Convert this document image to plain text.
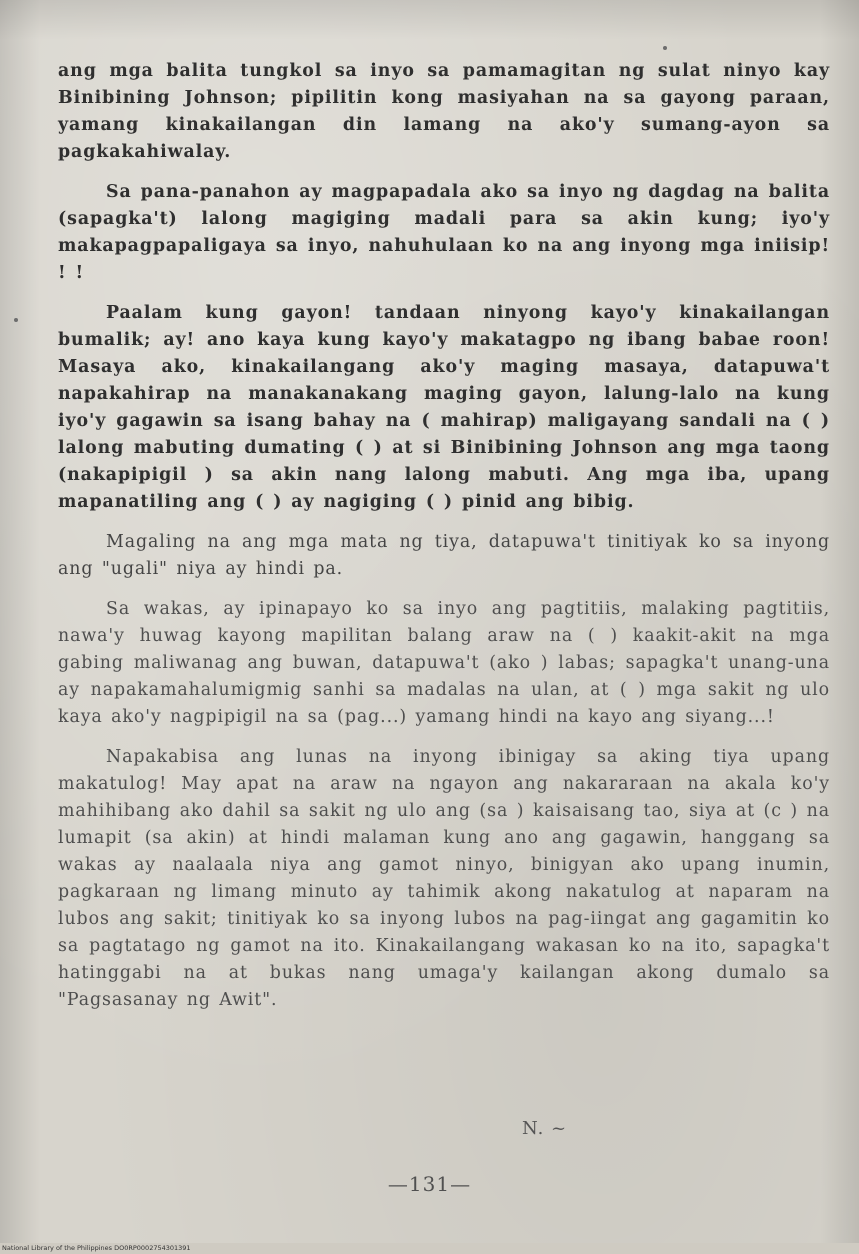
ang mga balita tungkol sa inyo sa pamamagitan ng sulat ninyo kay Binibining Johnson; pipilitin kong masiyahan na sa gayong paraan, yamang kinakailangan din lamang na ako'y sumang-ayon sa pagkakahiwalay.

Sa pana-panahon ay magpapadala ako sa inyo ng dagdag na balita (sapagka't) lalong magiging madali para sa akin kung; iyo'y makapagpapaligaya sa inyo, nahuhulaan ko na ang inyong mga iniisip! ! !

Paalam kung gayon! tandaan ninyong kayo'y kinakailangan bumalik; ay! ano kaya kung kayo'y makatagpo ng ibang babae roon! Masaya ako, kinakailangang ako'y maging masaya, datapuwa't napakahirap na manakanakang maging gayon, lalung-lalo na kung iyo'y gagawin sa isang bahay na ( mahirap) maligayang sandali na ( ) lalong mabuting dumating ( ) at si Binibining Johnson ang mga taong (nakapipigil ) sa akin nang lalong mabuti. Ang mga iba, upang mapanatiling ang ( ) ay nagiging ( ) pinid ang bibig.

Magaling na ang mga mata ng tiya, datapuwa't tinitiyak ko sa inyong ang "ugali" niya ay hindi pa.

Sa wakas, ay ipinapayo ko sa inyo ang pagtitiis, malaking pagtitiis, nawa'y huwag kayong mapilitan balang araw na ( ) kaakit-akit na mga gabing maliwanag ang buwan, datapuwa't (ako ) labas; sapagka't unang-una ay napakamahalumigmig sanhi sa madalas na ulan, at ( ) mga sakit ng ulo kaya ako'y nagpipigil na sa (pag...) yamang hindi na kayo ang siyang...!

Napakabisa ang lunas na inyong ibinigay sa aking tiya upang makatulog! May apat na araw na ngayon ang nakararaan na akala ko'y mahihibang ako dahil sa sakit ng ulo ang (sa ) kaisaisang tao, siya at (c ) na lumapit (sa akin) at hindi malaman kung ano ang gagawin, hanggang sa wakas ay naalaala niya ang gamot ninyo, binigyan ako upang inumin, pagkaraan ng limang minuto ay tahimik akong nakatulog at naparam na lubos ang sakit; tinitiyak ko sa inyong lubos na pag-iingat ang gagamitin ko sa pagtatago ng gamot na ito. Kinakailangang wakasan ko na ito, sapagka't hatinggabi na at bukas nang umaga'y kailangan akong dumalo sa "Pagsasanay ng Awit".

N. ~
—131—
National Library of the Philippines DO0RP0002754301391
